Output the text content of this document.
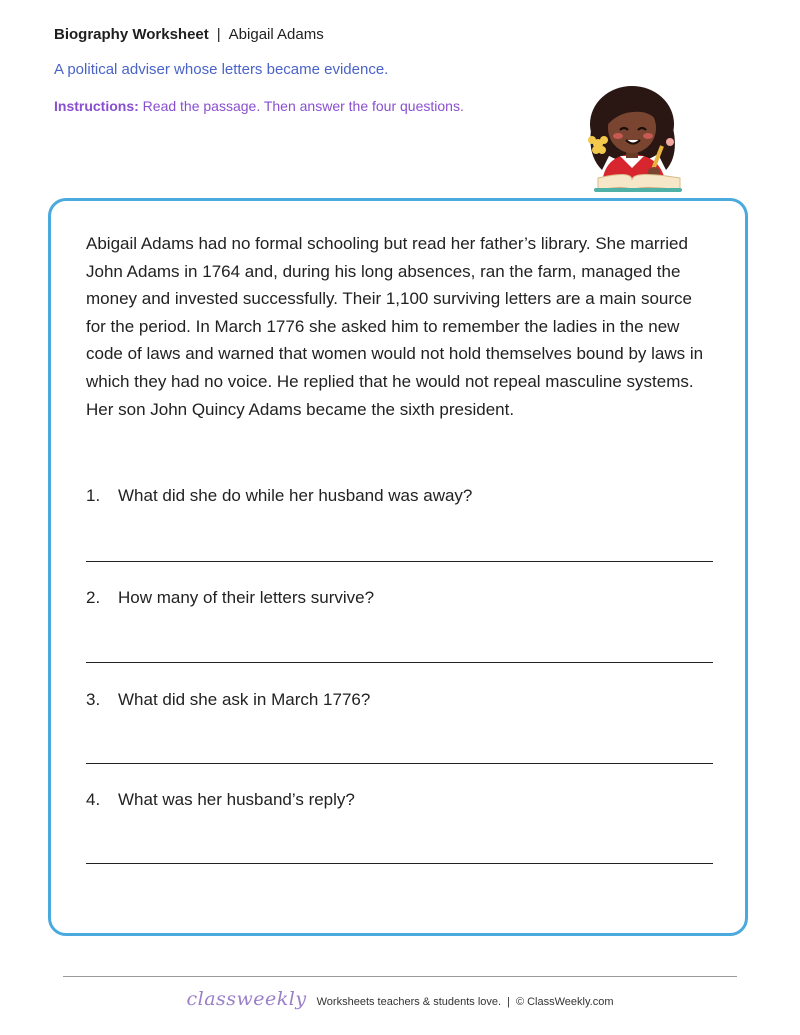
Biography Worksheet | Abigail Adams
A political adviser whose letters became evidence.
Instructions: Read the passage. Then answer the four questions.
Abigail Adams had no formal schooling but read her father’s library. She married John Adams in 1764 and, during his long absences, ran the farm, managed the money and invested successfully. Their 1,100 surviving letters are a main source for the period. In March 1776 she asked him to remember the ladies in the new code of laws and warned that women would not hold themselves bound by laws in which they had no voice. He replied that he would not repeal masculine systems. Her son John Quincy Adams became the sixth president.
1. What did she do while her husband was away?
2. How many of their letters survive?
3. What did she ask in March 1776?
4. What was her husband’s reply?
classweekly Worksheets teachers & students love. | © ClassWeekly.com
